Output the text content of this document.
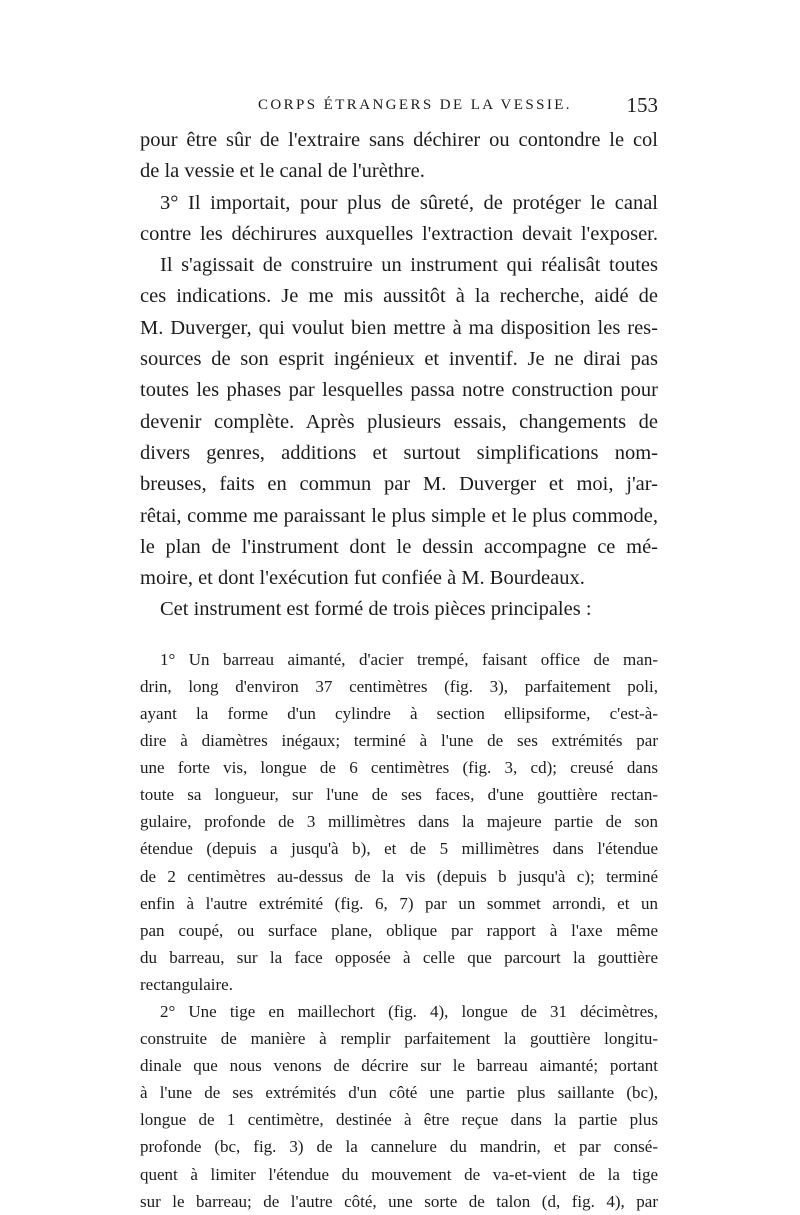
CORPS ÉTRANGERS DE LA VESSIE.	153
pour être sûr de l'extraire sans déchirer ou contondre le col
de la vessie et le canal de l'urèthre.
3° Il importait, pour plus de sûreté, de protéger le canal
contre les déchirures auxquelles l'extraction devait l'exposer.
Il s'agissait de construire un instrument qui réalisât toutes
ces indications. Je me mis aussitôt à la recherche, aidé de
M. Duverger, qui voulut bien mettre à ma disposition les res-
sources de son esprit ingénieux et inventif. Je ne dirai pas
toutes les phases par lesquelles passa notre construction pour
devenir complète. Après plusieurs essais, changements de
divers genres, additions et surtout simplifications nom-
breuses, faits en commun par M. Duverger et moi, j'ar-
rêtai, comme me paraissant le plus simple et le plus commode,
le plan de l'instrument dont le dessin accompagne ce mé-
moire, et dont l'exécution fut confiée à M. Bourdeaux.
Cet instrument est formé de trois pièces principales :
1° Un barreau aimanté, d'acier trempé, faisant office de man-
drin, long d'environ 37 centimètres (fig. 3), parfaitement poli,
ayant la forme d'un cylindre à section ellipsiforme, c'est-à-
dire à diamètres inégaux; terminé à l'une de ses extrémités par
une forte vis, longue de 6 centimètres (fig. 3, cd); creusé dans
toute sa longueur, sur l'une de ses faces, d'une gouttière rectan-
gulaire, profonde de 3 millimètres dans la majeure partie de son
étendue (depuis a jusqu'à b), et de 5 millimètres dans l'étendue
de 2 centimètres au-dessus de la vis (depuis b jusqu'à c); terminé
enfin à l'autre extrémité (fig. 6, 7) par un sommet arrondi, et un
pan coupé, ou surface plane, oblique par rapport à l'axe même
du barreau, sur la face opposée à celle que parcourt la gouttière
rectangulaire.
2° Une tige en maillechort (fig. 4), longue de 31 décimètres,
construite de manière à remplir parfaitement la gouttière longitu-
dinale que nous venons de décrire sur le barreau aimanté; portant
à l'une de ses extrémités d'un côté une partie plus saillante (bc),
longue de 1 centimètre, destinée à être reçue dans la partie plus
profonde (bc, fig. 3) de la cannelure du mandrin, et par consé-
quent à limiter l'étendue du mouvement de va-et-vient de la tige
sur le barreau; de l'autre côté, une sorte de talon (d, fig. 4), par
